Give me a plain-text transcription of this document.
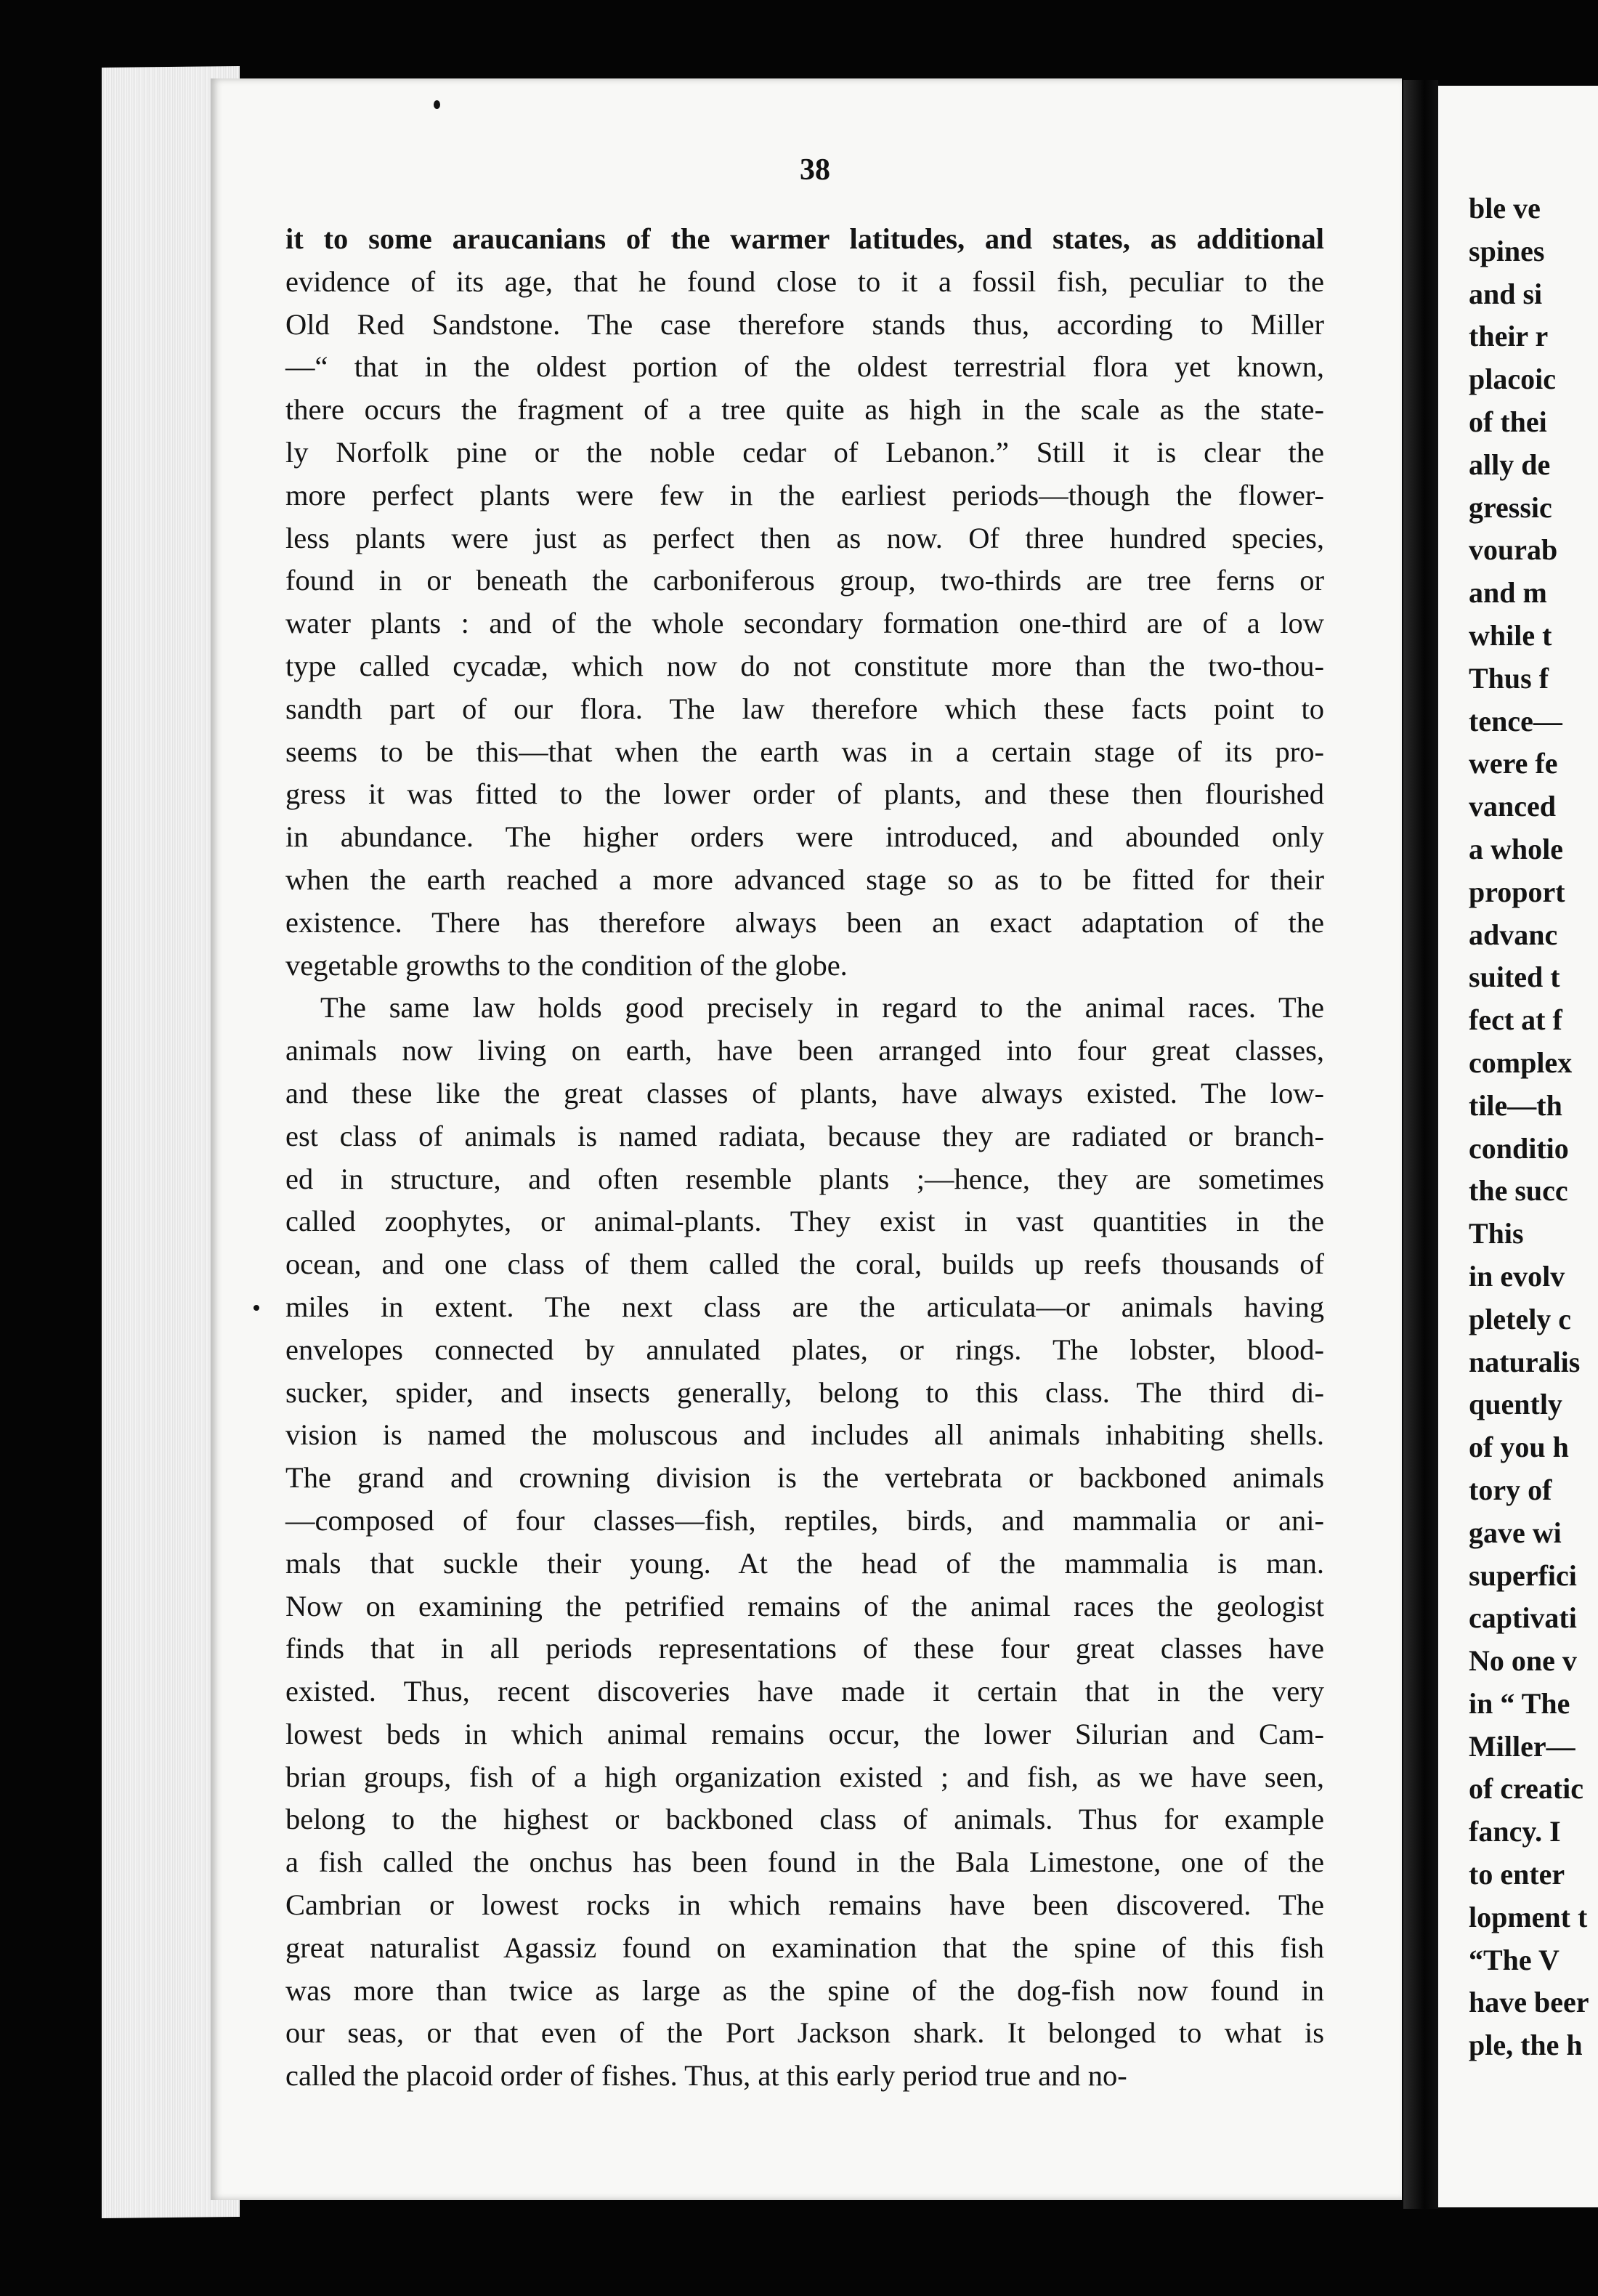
38
it to some araucanians of the warmer latitudes, and states, as additional
evidence of its age, that he found close to it a fossil fish, peculiar to the
Old Red Sandstone. The case therefore stands thus, according to Miller
—“ that in the oldest portion of the oldest terrestrial flora yet known,
there occurs the fragment of a tree quite as high in the scale as the state-
ly Norfolk pine or the noble cedar of Lebanon.” Still it is clear the
more perfect plants were few in the earliest periods—though the flower-
less plants were just as perfect then as now. Of three hundred species,
found in or beneath the carboniferous group, two-thirds are tree ferns or
water plants : and of the whole secondary formation one-third are of a low
type called cycadæ, which now do not constitute more than the two-thou-
sandth part of our flora. The law therefore which these facts point to
seems to be this—that when the earth was in a certain stage of its pro-
gress it was fitted to the lower order of plants, and these then flourished
in abundance. The higher orders were introduced, and abounded only
when the earth reached a more advanced stage so as to be fitted for their
existence. There has therefore always been an exact adaptation of the
vegetable growths to the condition of the globe.
The same law holds good precisely in regard to the animal races. The
animals now living on earth, have been arranged into four great classes,
and these like the great classes of plants, have always existed. The low-
est class of animals is named radiata, because they are radiated or branch-
ed in structure, and often resemble plants ;—hence, they are sometimes
called zoophytes, or animal-plants. They exist in vast quantities in the
ocean, and one class of them called the coral, builds up reefs thousands of
miles in extent. The next class are the articulata—or animals having
envelopes connected by annulated plates, or rings. The lobster, blood-
sucker, spider, and insects generally, belong to this class. The third di-
vision is named the moluscous and includes all animals inhabiting shells.
The grand and crowning division is the vertebrata or backboned animals
—composed of four classes—fish, reptiles, birds, and mammalia or ani-
mals that suckle their young. At the head of the mammalia is man.
Now on examining the petrified remains of the animal races the geologist
finds that in all periods representations of these four great classes have
existed. Thus, recent discoveries have made it certain that in the very
lowest beds in which animal remains occur, the lower Silurian and Cam-
brian groups, fish of a high organization existed ; and fish, as we have seen,
belong to the highest or backboned class of animals. Thus for example
a fish called the onchus has been found in the Bala Limestone, one of the
Cambrian or lowest rocks in which remains have been discovered. The
great naturalist Agassiz found on examination that the spine of this fish
was more than twice as large as the spine of the dog-fish now found in
our seas, or that even of the Port Jackson shark. It belonged to what is
called the placoid order of fishes. Thus, at this early period true and no-
ble ve
spines
and si
their r
placoic
of thei
ally de
gressic
vourab
and m
while t
Thus f
tence—
were fe
vanced
a whole
proport
advanc
suited t
fect at f
complex
tile—th
conditio
the succ
This
in evolv
pletely c
naturalis
quently
of you h
tory of
gave wi
superfici
captivati
No one v
in “ The
Miller—
of creatic
fancy. I
to enter
lopment t
“The V
have beer
ple, the h
